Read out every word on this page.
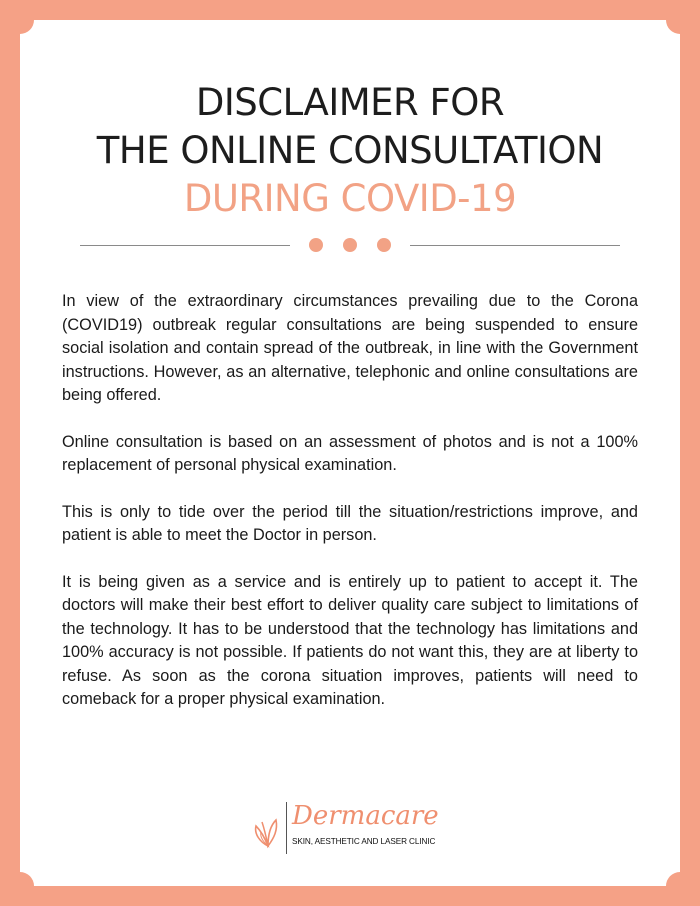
DISCLAIMER FOR
THE ONLINE CONSULTATION
DURING COVID-19

In view of the extraordinary circumstances prevailing due to the Corona (COVID19) outbreak regular consultations are being suspended to ensure social isolation and contain spread of the outbreak, in line with the Government instructions. However, as an alternative, telephonic and online consultations are being offered.

Online consultation is based on an assessment of photos and is not a 100% replacement of personal physical examination.

This is only to tide over the period till the situation/restrictions improve, and patient is able to meet the Doctor in person.

It is being given as a service and is entirely up to patient to accept it. The doctors will make their best effort to deliver quality care subject to limitations of the technology. It has to be understood that the technology has limitations and 100% accuracy is not possible. If patients do not want this, they are at liberty to refuse. As soon as the corona situation improves, patients will need to comeback for a proper physical examination.

Dermacare
SKIN, AESTHETIC AND LASER CLINIC
